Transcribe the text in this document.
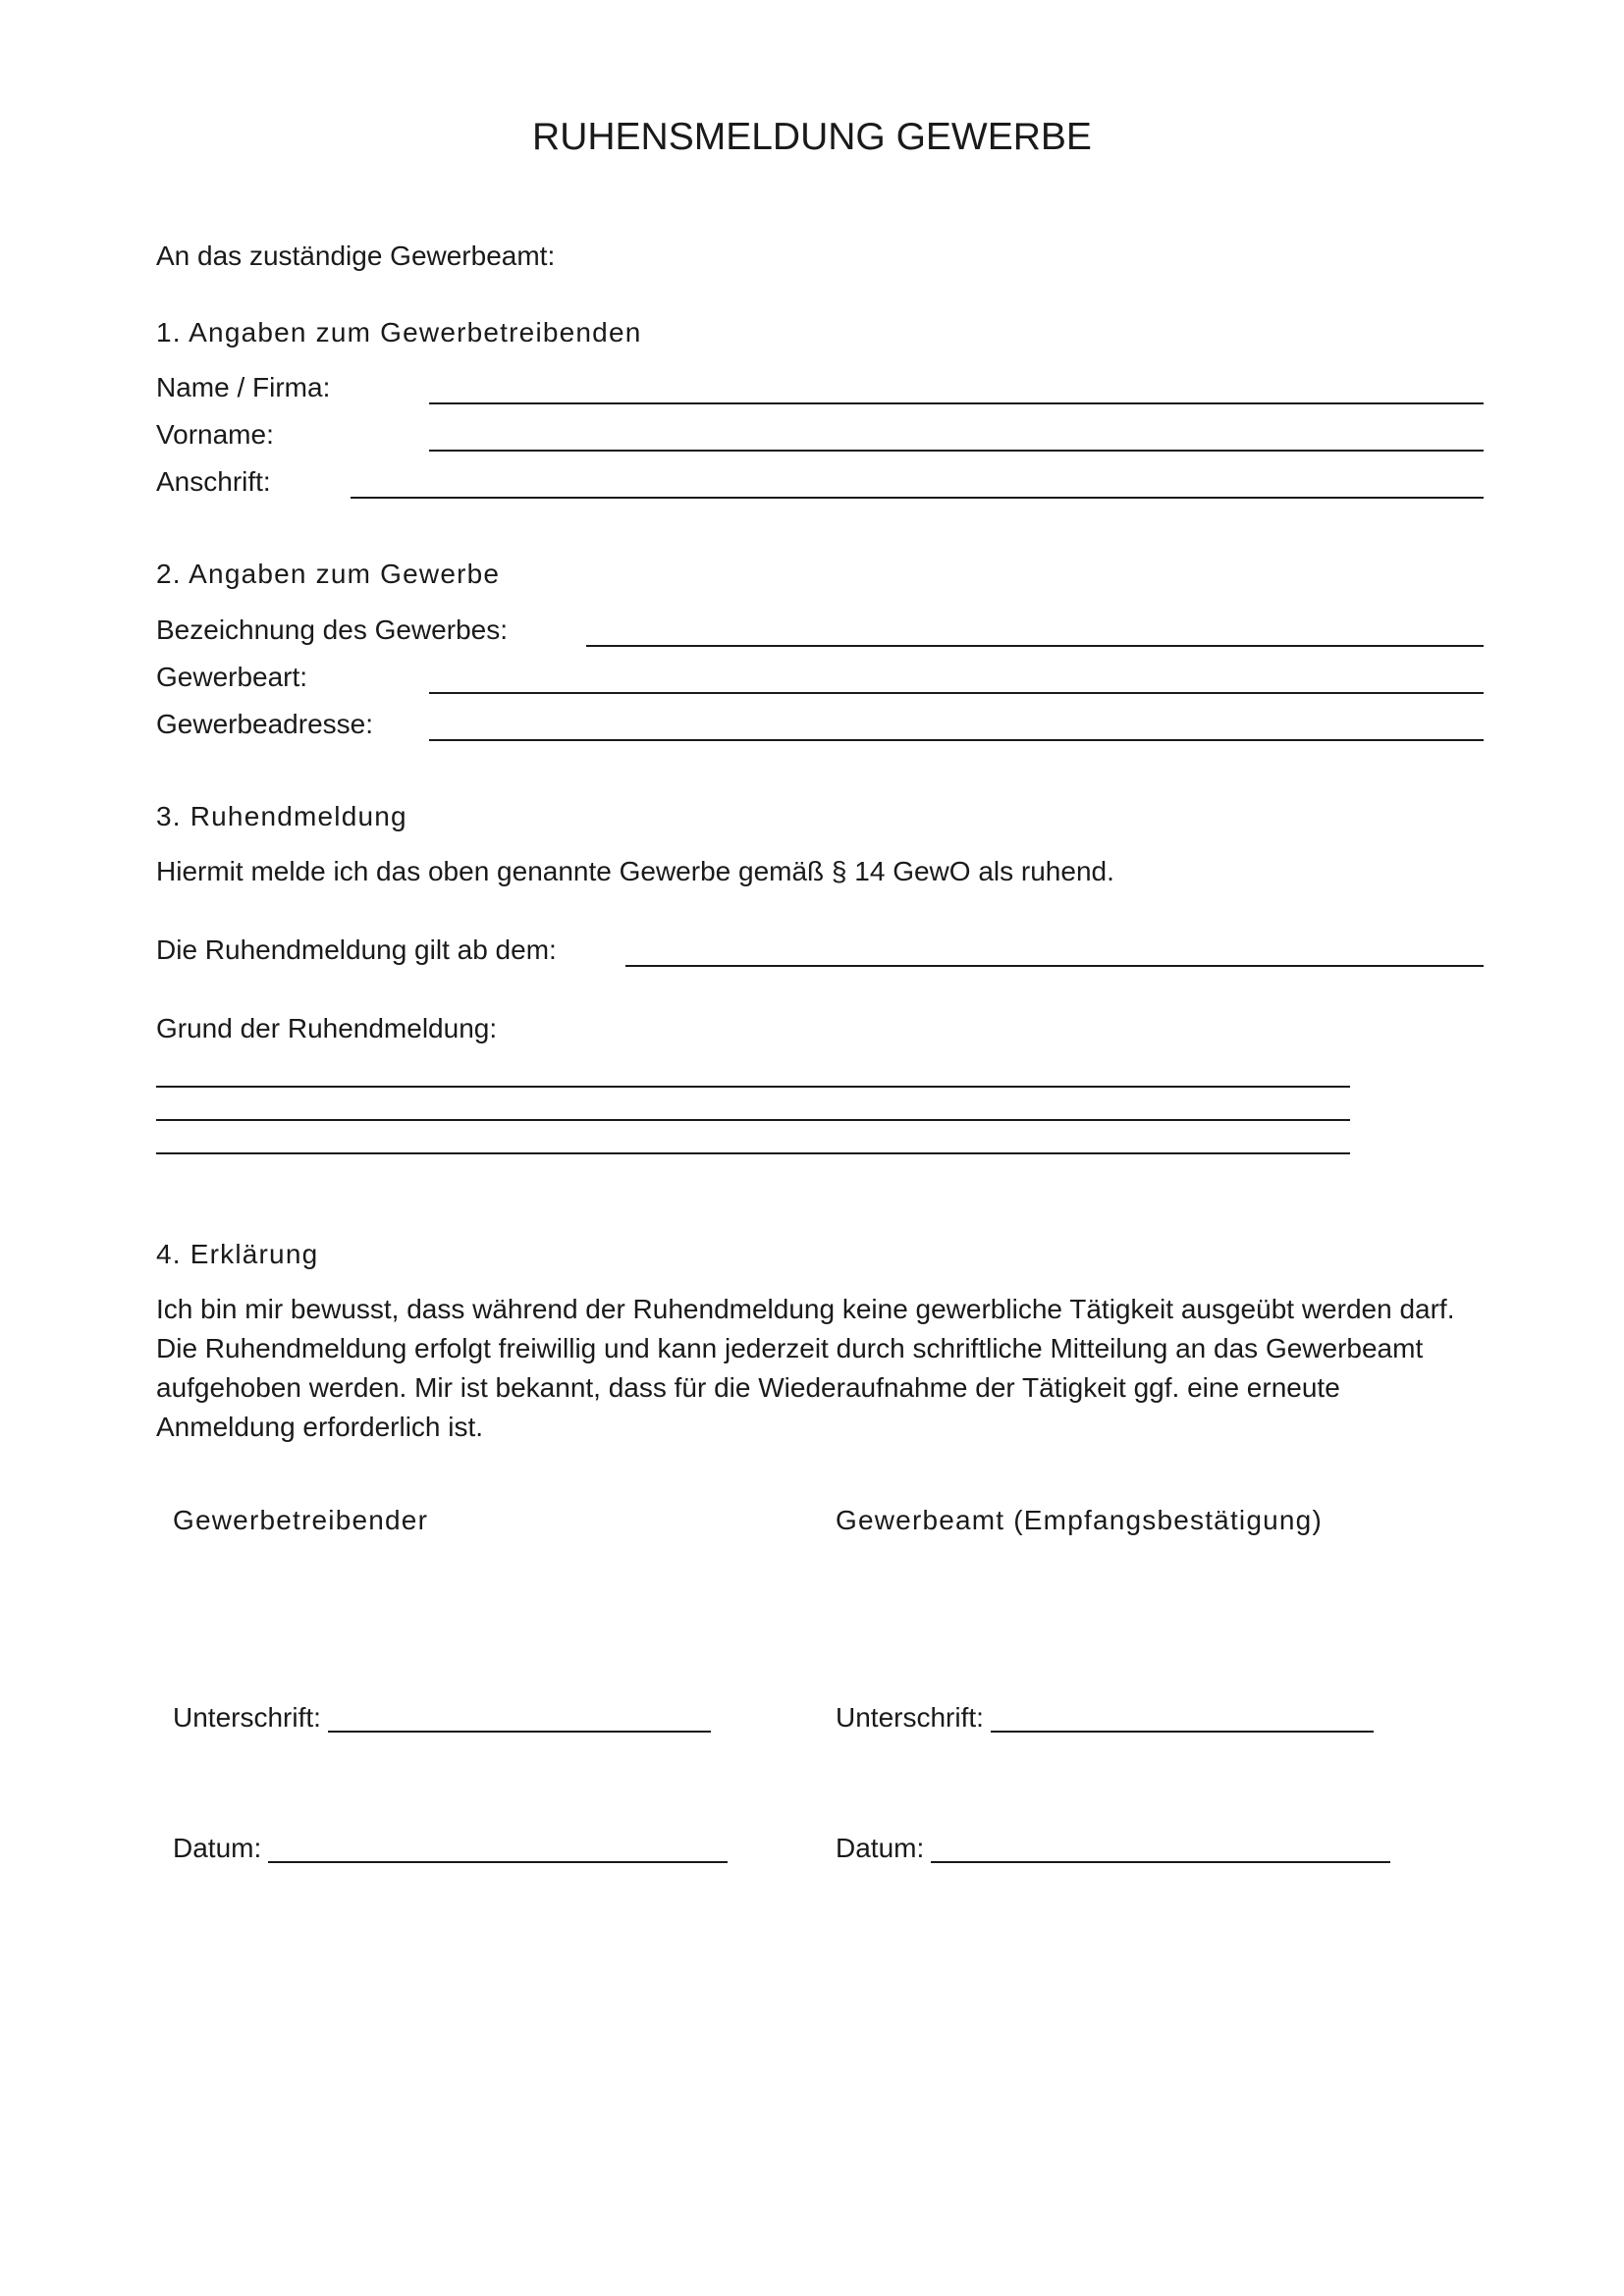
RUHENSMELDUNG GEWERBE
An das zuständige Gewerbeamt:
1. Angaben zum Gewerbetreibenden
Name / Firma:
Vorname:
Anschrift:
2. Angaben zum Gewerbe
Bezeichnung des Gewerbes:
Gewerbeart:
Gewerbeadresse:
3. Ruhendmeldung
Hiermit melde ich das oben genannte Gewerbe gemäß § 14 GewO als ruhend.
Die Ruhendmeldung gilt ab dem:
Grund der Ruhendmeldung:
4. Erklärung
Ich bin mir bewusst, dass während der Ruhendmeldung keine gewerbliche Tätigkeit ausgeübt werden darf.
Die Ruhendmeldung erfolgt freiwillig und kann jederzeit durch schriftliche Mitteilung an das Gewerbeamt
aufgehoben werden. Mir ist bekannt, dass für die Wiederaufnahme der Tätigkeit ggf. eine erneute
Anmeldung erforderlich ist.
Gewerbetreibender
Unterschrift:
Datum:
Gewerbeamt (Empfangsbestätigung)
Unterschrift:
Datum:
